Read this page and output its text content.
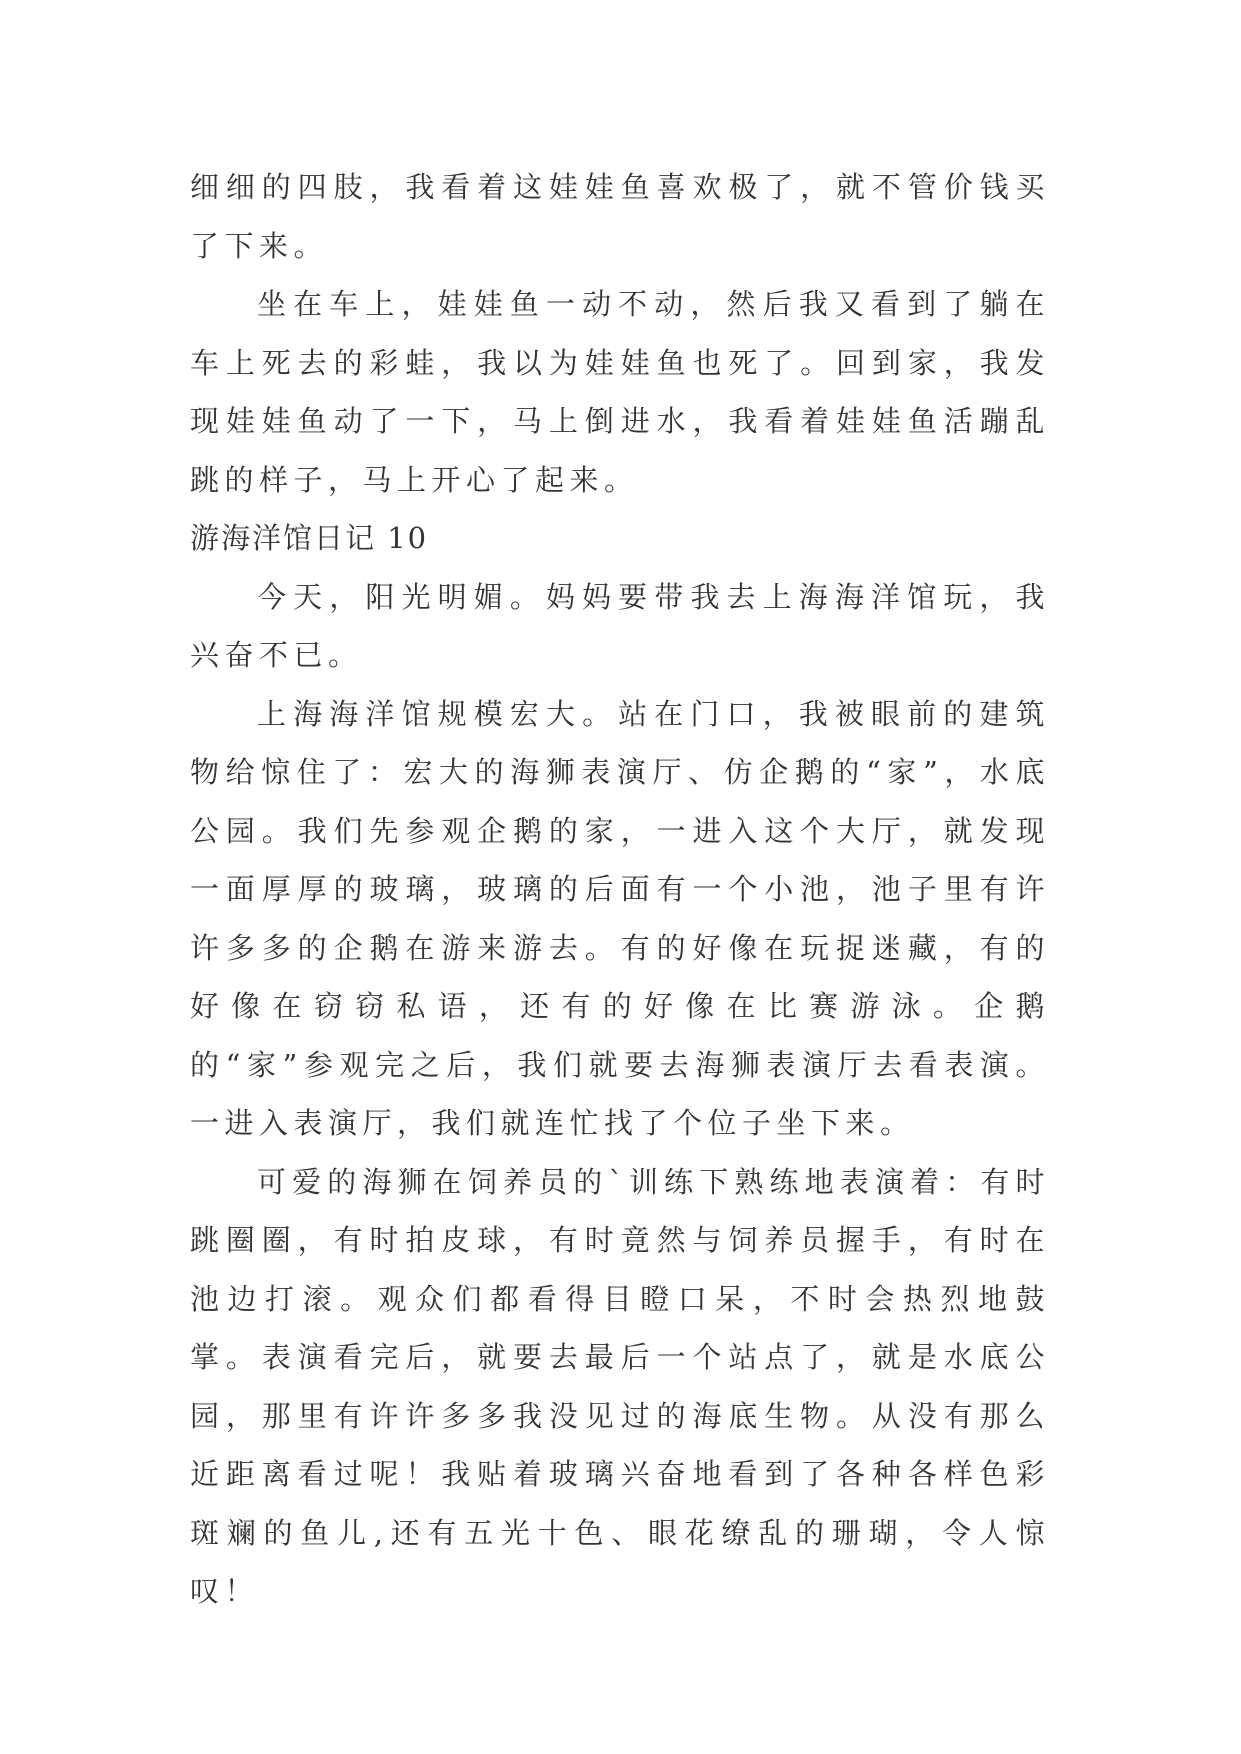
细细的四肢，我看着这娃娃鱼喜欢极了，就不管价钱买了下来。

坐在车上，娃娃鱼一动不动，然后我又看到了躺在车上死去的彩蛙，我以为娃娃鱼也死了。回到家，我发现娃娃鱼动了一下，马上倒进水，我看着娃娃鱼活蹦乱跳的样子，马上开心了起来。

游海洋馆日记 10

今天，阳光明媚。妈妈要带我去上海海洋馆玩，我兴奋不已。

上海海洋馆规模宏大。站在门口，我被眼前的建筑物给惊住了：宏大的海狮表演厅、仿企鹅的“家”，水底公园。我们先参观企鹅的家，一进入这个大厅，就发现一面厚厚的玻璃，玻璃的后面有一个小池，池子里有许许多多的企鹅在游来游去。有的好像在玩捉迷藏，有的好像在窃窃私语，还有的好像在比赛游泳。企鹅的“家”参观完之后，我们就要去海狮表演厅去看表演。一进入表演厅，我们就连忙找了个位子坐下来。

可爱的海狮在饲养员的`训练下熟练地表演着：有时跳圈圈，有时拍皮球，有时竟然与饲养员握手，有时在池边打滚。观众们都看得目瞪口呆，不时会热烈地鼓掌。表演看完后，就要去最后一个站点了，就是水底公园，那里有许许多多我没见过的海底生物。从没有那么近距离看过呢！我贴着玻璃兴奋地看到了各种各样色彩斑斓的鱼儿,还有五光十色、眼花缭乱的珊瑚，令人惊叹！
